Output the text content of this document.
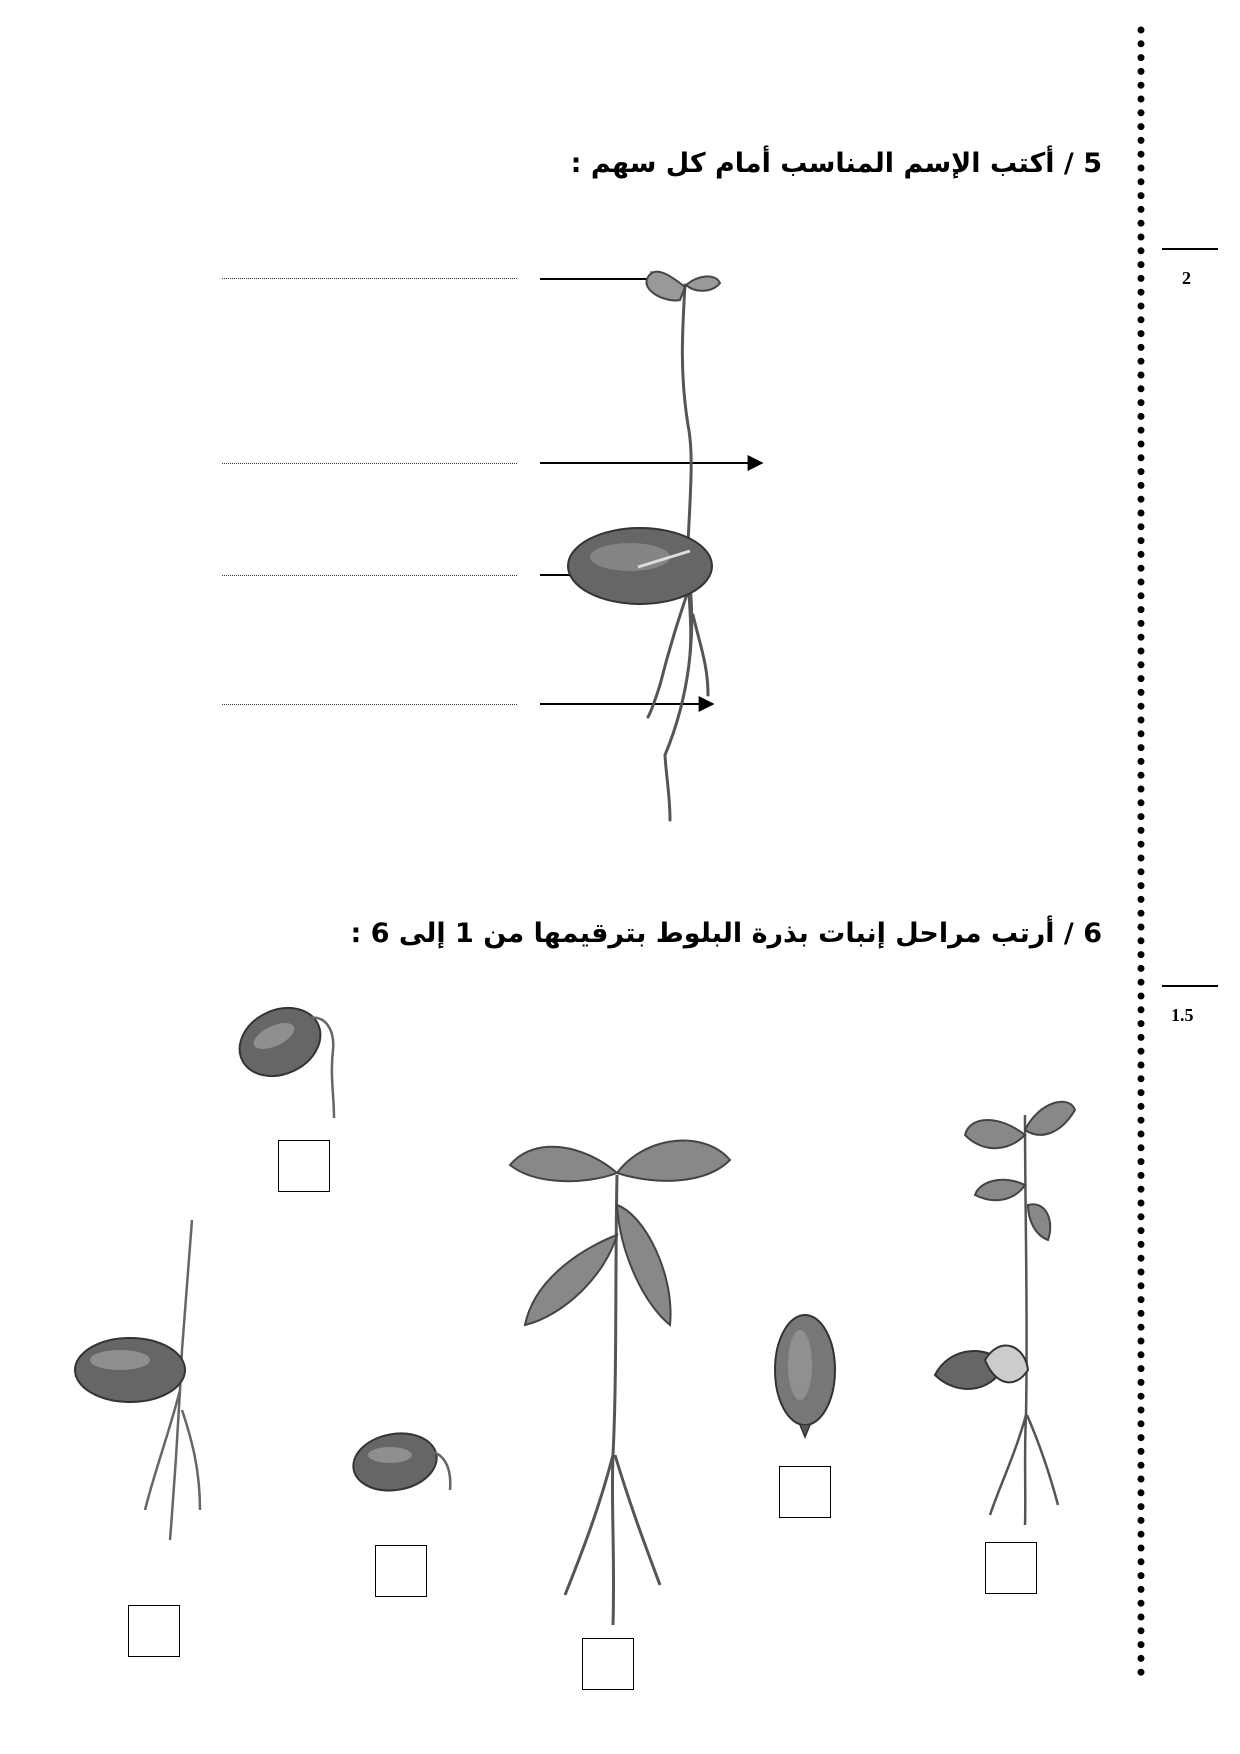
5 / أكتب الإسم المناسب أمام كل سهم :
6 / أرتب مراحل إنبات بذرة البلوط بترقيمها من 1 إلى 6 :
2
1.5
